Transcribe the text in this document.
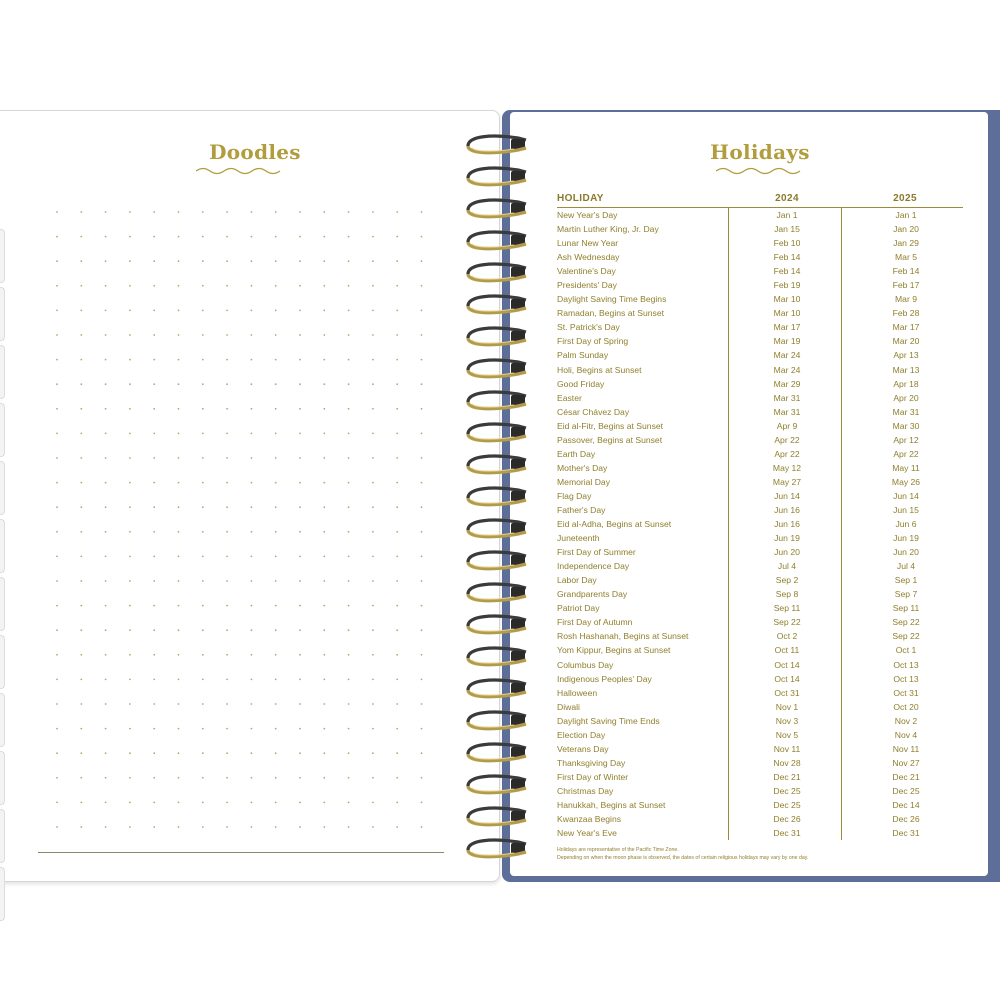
Doodles	Holidays
HOLIDAY	2024	2025
New Year's Day	Jan 1	Jan 1
Martin Luther King, Jr. Day	Jan 15	Jan 20
Lunar New Year	Feb 10	Jan 29
Ash Wednesday	Feb 14	Mar 5
Valentine's Day	Feb 14	Feb 14
Presidents' Day	Feb 19	Feb 17
Daylight Saving Time Begins	Mar 10	Mar 9
Ramadan, Begins at Sunset	Mar 10	Feb 28
St. Patrick's Day	Mar 17	Mar 17
First Day of Spring	Mar 19	Mar 20
Palm Sunday	Mar 24	Apr 13
Holi, Begins at Sunset	Mar 24	Mar 13
Good Friday	Mar 29	Apr 18
Easter	Mar 31	Apr 20
César Chávez Day	Mar 31	Mar 31
Eid al-Fitr, Begins at Sunset	Apr 9	Mar 30
Passover, Begins at Sunset	Apr 22	Apr 12
Earth Day	Apr 22	Apr 22
Mother's Day	May 12	May 11
Memorial Day	May 27	May 26
Flag Day	Jun 14	Jun 14
Father's Day	Jun 16	Jun 15
Eid al-Adha, Begins at Sunset	Jun 16	Jun 6
Juneteenth	Jun 19	Jun 19
First Day of Summer	Jun 20	Jun 20
Independence Day	Jul 4	Jul 4
Labor Day	Sep 2	Sep 1
Grandparents Day	Sep 8	Sep 7
Patriot Day	Sep 11	Sep 11
First Day of Autumn	Sep 22	Sep 22
Rosh Hashanah, Begins at Sunset	Oct 2	Sep 22
Yom Kippur, Begins at Sunset	Oct 11	Oct 1
Columbus Day	Oct 14	Oct 13
Indigenous Peoples' Day	Oct 14	Oct 13
Halloween	Oct 31	Oct 31
Diwali	Nov 1	Oct 20
Daylight Saving Time Ends	Nov 3	Nov 2
Election Day	Nov 5	Nov 4
Veterans Day	Nov 11	Nov 11
Thanksgiving Day	Nov 28	Nov 27
First Day of Winter	Dec 21	Dec 21
Christmas Day	Dec 25	Dec 25
Hanukkah, Begins at Sunset	Dec 25	Dec 14
Kwanzaa Begins	Dec 26	Dec 26
New Year's Eve	Dec 31	Dec 31
Holidays are representative of the Pacific Time Zone.
Depending on when the moon phase is observed, the dates of certain religious holidays may vary by one day.
